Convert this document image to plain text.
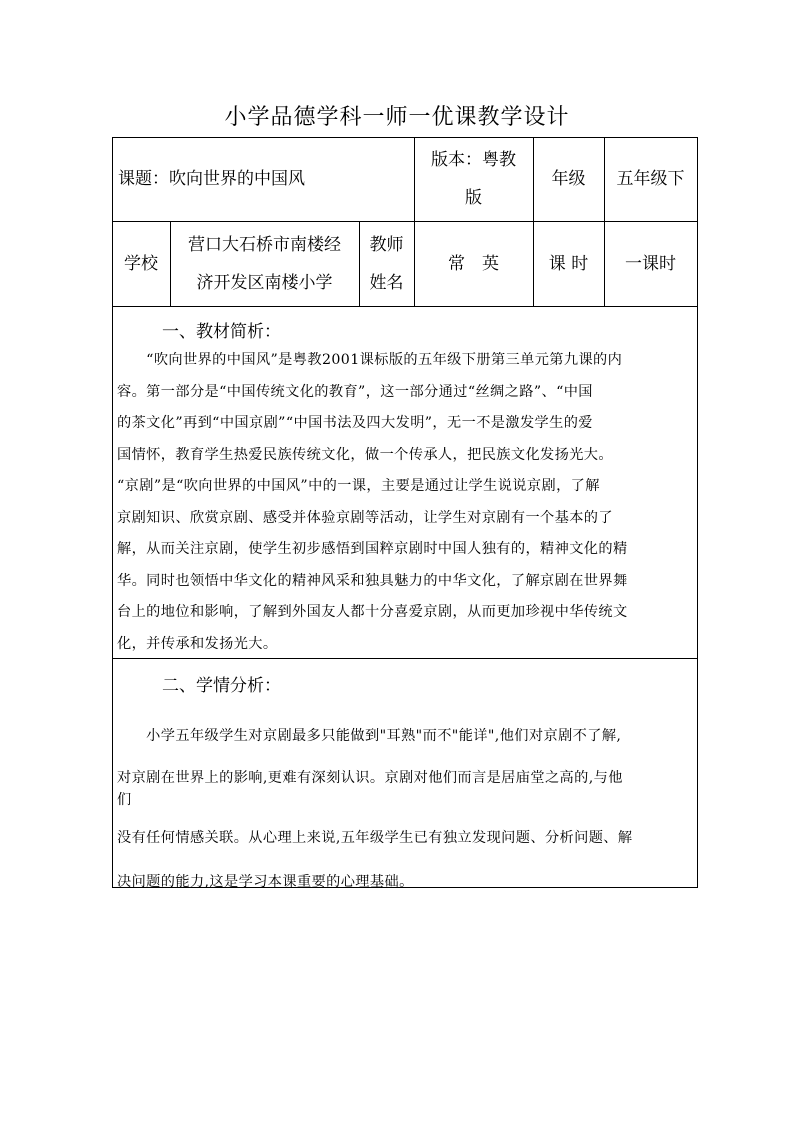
小学品德学科一师一优课教学设计
课题：吹向世界的中国风
版本：粤教
版
年级 五年级下
学校
营口大石桥市南楼经
济开发区南楼小学
教师
姓名
常　英	课 时 一课时
一、教材简析：
　　“吹向世界的中国风”是粤教2001课标版的五年级下册第三单元第九课的内
容。第一部分是“中国传统文化的教育”，这一部分通过“丝绸之路”、“中国
的茶文化”再到“中国京剧”“中国书法及四大发明”，无一不是激发学生的爱
国情怀，教育学生热爱民族传统文化，做一个传承人，把民族文化发扬光大。
“京剧”是“吹向世界的中国风”中的一课，主要是通过让学生说说京剧，了解
京剧知识、欣赏京剧、感受并体验京剧等活动，让学生对京剧有一个基本的了
解，从而关注京剧，使学生初步感悟到国粹京剧时中国人独有的，精神文化的精
华。同时也领悟中华文化的精神风采和独具魅力的中华文化，了解京剧在世界舞
台上的地位和影响，了解到外国友人都十分喜爱京剧，从而更加珍视中华传统文
化，并传承和发扬光大。
二、学情分析：
　　小学五年级学生对京剧最多只能做到"耳熟"而不"能详",他们对京剧不了解,
对京剧在世界上的影响,更难有深刻认识。京剧对他们而言是居庙堂之高的,与他
们
没有任何情感关联。从心理上来说,五年级学生已有独立发现问题、分析问题、解
决问题的能力,这是学习本课重要的心理基础。
